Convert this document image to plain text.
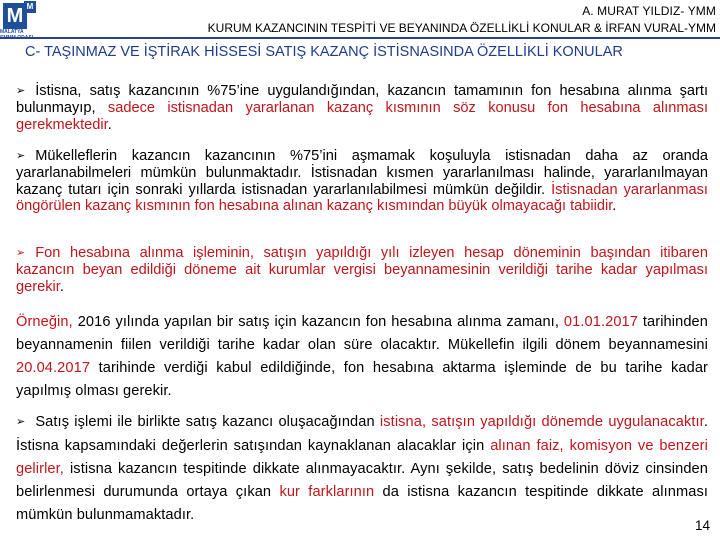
M M
MALATYA
A. MURAT YILDIZ- YMM
KURUM KAZANCININ TESPİTİ VE BEYANINDA ÖZELLİKLİ KONULAR & İRFAN VURAL-YMM
C- TAŞINMAZ VE İŞTİRAK HİSSESİ SATIŞ KAZANÇ İSTİSNASINDA ÖZELLİKLİ KONULAR
➢ İstisna, satış kazancının %75’ine uygulandığından, kazancın tamamının fon hesabına alınma şartı bulunmayıp, sadece istisnadan yararlanan kazanç kısmının söz konusu fon hesabına alınması gerekmektedir.
➢ Mükelleflerin kazancın kazancının %75’ini aşmamak koşuluyla istisnadan daha az oranda yararlanabilmeleri mümkün bulunmaktadır. İstisnadan kısmen yararlanılması halinde, yararlanılmayan kazanç tutarı için sonraki yıllarda istisnadan yararlanılabilmesi mümkün değildir. İstisnadan yararlanması öngörülen kazanç kısmının fon hesabına alınan kazanç kısmından büyük olmayacağı tabiidir.
➢ Fon hesabına alınma işleminin, satışın yapıldığı yılı izleyen hesap döneminin başından itibaren kazancın beyan edildiği döneme ait kurumlar vergisi beyannamesinin verildiği tarihe kadar yapılması gerekir.
Örneğin, 2016 yılında yapılan bir satış için kazancın fon hesabına alınma zamanı, 01.01.2017 tarihinden beyannamenin fiilen verildiği tarihe kadar olan süre olacaktır. Mükellefin ilgili dönem beyannamesini 20.04.2017 tarihinde verdiği kabul edildiğinde, fon hesabına aktarma işleminde de bu tarihe kadar yapılmış olması gerekir.
➢ Satış işlemi ile birlikte satış kazancı oluşacağından istisna, satışın yapıldığı dönemde uygulanacaktır. İstisna kapsamındaki değerlerin satışından kaynaklanan alacaklar için alınan faiz, komisyon ve benzeri gelirler, istisna kazancın tespitinde dikkate alınmayacaktır. Aynı şekilde, satış bedelinin döviz cinsinden belirlenmesi durumunda ortaya çıkan kur farklarının da istisna kazancın tespitinde dikkate alınması mümkün bulunmamaktadır.
14
